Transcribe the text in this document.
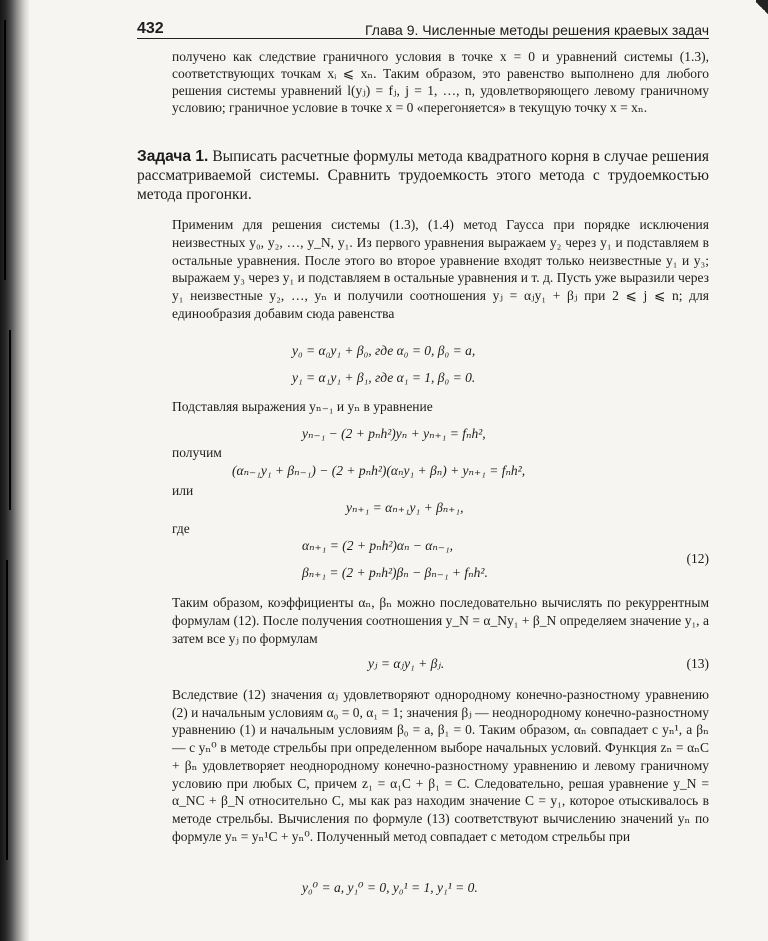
432	Глава 9. Численные методы решения краевых задач

получено как следствие граничного условия в точке x = 0 и уравнений системы (1.3), соответствующих точкам xᵢ ⩽ xₙ. Таким образом, это равенство выполнено для любого решения системы уравнений l(yⱼ) = fⱼ, j = 1, …, n, удовлетворяющего левому граничному условию; граничное условие в точке x = 0 «перегоняется» в текущую точку x = xₙ.

Задача 1. Выписать расчетные формулы метода квадратного корня в случае решения рассматриваемой системы. Сравнить трудоемкость этого метода с трудоемкостью метода прогонки.

Применим для решения системы (1.3), (1.4) метод Гаусса при порядке исключения неизвестных y₀, y₂, …, y_N, y₁. Из первого уравнения выражаем y₂ через y₁ и подставляем в остальные уравнения. После этого во второе уравнение входят только неизвестные y₁ и y₃; выражаем y₃ через y₁ и подставляем в остальные уравнения и т. д. Пусть уже выразили через y₁ неизвестные y₂, …, yₙ и получили соотношения yⱼ = αⱼy₁ + βⱼ при 2 ⩽ j ⩽ n; для единообразия добавим сюда равенства

y₀ = α₀y₁ + β₀, где α₀ = 0, β₀ = a,
y₁ = α₁y₁ + β₁, где α₁ = 1, β₀ = 0.

Подставляя выражения yₙ₋₁ и yₙ в уравнение

yₙ₋₁ − (2 + pₙh²)yₙ + yₙ₊₁ = fₙh²,

получим

(αₙ₋₁y₁ + βₙ₋₁) − (2 + pₙh²)(αₙy₁ + βₙ) + yₙ₊₁ = fₙh²,

или

yₙ₊₁ = αₙ₊₁y₁ + βₙ₊₁,

где

αₙ₊₁ = (2 + pₙh²)αₙ − αₙ₋₁,
βₙ₊₁ = (2 + pₙh²)βₙ − βₙ₋₁ + fₙh².
(12)

Таким образом, коэффициенты αₙ, βₙ можно последовательно вычислять по рекуррентным формулам (12). После получения соотношения y_N = α_Ny₁ + β_N определяем значение y₁, а затем все yⱼ по формулам

yⱼ = αⱼy₁ + βⱼ.	(13)

Вследствие (12) значения αⱼ удовлетворяют однородному конечно-разностному уравнению (2) и начальным условиям α₀ = 0, α₁ = 1; значения βⱼ — неоднородному конечно-разностному уравнению (1) и начальным условиям β₀ = a, β₁ = 0. Таким образом, αₙ совпадает с yₙ¹, а βₙ — с yₙ⁰ в методе стрельбы при определенном выборе начальных условий. Функция zₙ = αₙC + βₙ удовлетворяет неоднородному конечно-разностному уравнению и левому граничному условию при любых C, причем z₁ = α₁C + β₁ = C. Следовательно, решая уравнение y_N = α_NC + β_N относительно C, мы как раз находим значение C = y₁, которое отыскивалось в методе стрельбы. Вычисления по формуле (13) соответствуют вычислению значений yₙ по формуле yₙ = yₙ¹C + yₙ⁰. Полученный метод совпадает с методом стрельбы при

y₀⁰ = a, y₁⁰ = 0, y₀¹ = 1, y₁¹ = 0.
